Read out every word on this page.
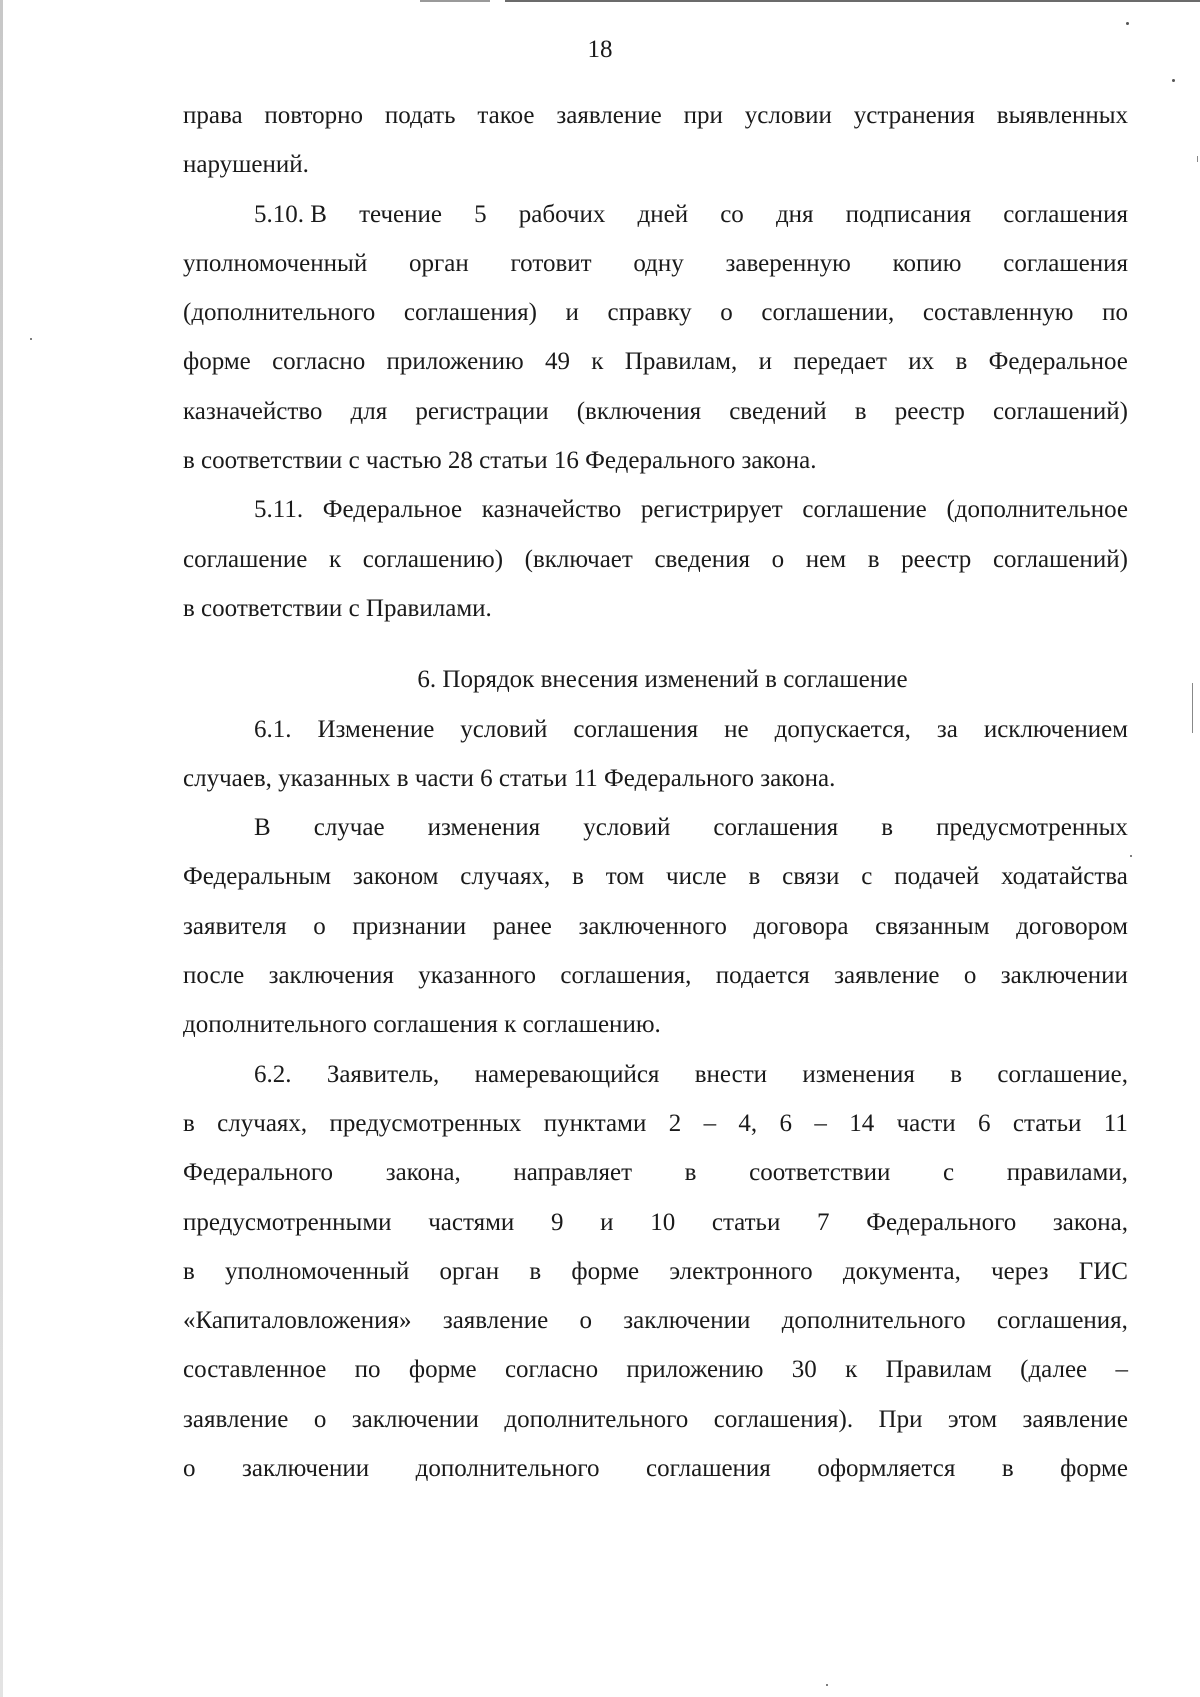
18
права повторно подать такое заявление при условии устранения выявленных
нарушений.
5.10. В течение 5 рабочих дней со дня подписания соглашения
уполномоченный орган готовит одну заверенную копию соглашения
(дополнительного соглашения) и справку о соглашении, составленную по
форме согласно приложению 49 к Правилам, и передает их в Федеральное
казначейство для регистрации (включения сведений в реестр соглашений)
в соответствии с частью 28 статьи 16 Федерального закона.
5.11. Федеральное казначейство регистрирует соглашение (дополнительное
соглашение к соглашению) (включает сведения о нем в реестр соглашений)
в соответствии с Правилами.
6. Порядок внесения изменений в соглашение
6.1. Изменение условий соглашения не допускается, за исключением
случаев, указанных в части 6 статьи 11 Федерального закона.
В случае изменения условий соглашения в предусмотренных
Федеральным законом случаях, в том числе в связи с подачей ходатайства
заявителя о признании ранее заключенного договора связанным договором
после заключения указанного соглашения, подается заявление о заключении
дополнительного соглашения к соглашению.
6.2. Заявитель, намеревающийся внести изменения в соглашение,
в случаях, предусмотренных пунктами 2 – 4, 6 – 14 части 6 статьи 11
Федерального закона, направляет в соответствии с правилами,
предусмотренными частями 9 и 10 статьи 7 Федерального закона,
в уполномоченный орган в форме электронного документа, через ГИС
«Капиталовложения» заявление о заключении дополнительного соглашения,
составленное по форме согласно приложению 30 к Правилам (далее –
заявление о заключении дополнительного соглашения). При этом заявление
о заключении дополнительного соглашения оформляется в форме
